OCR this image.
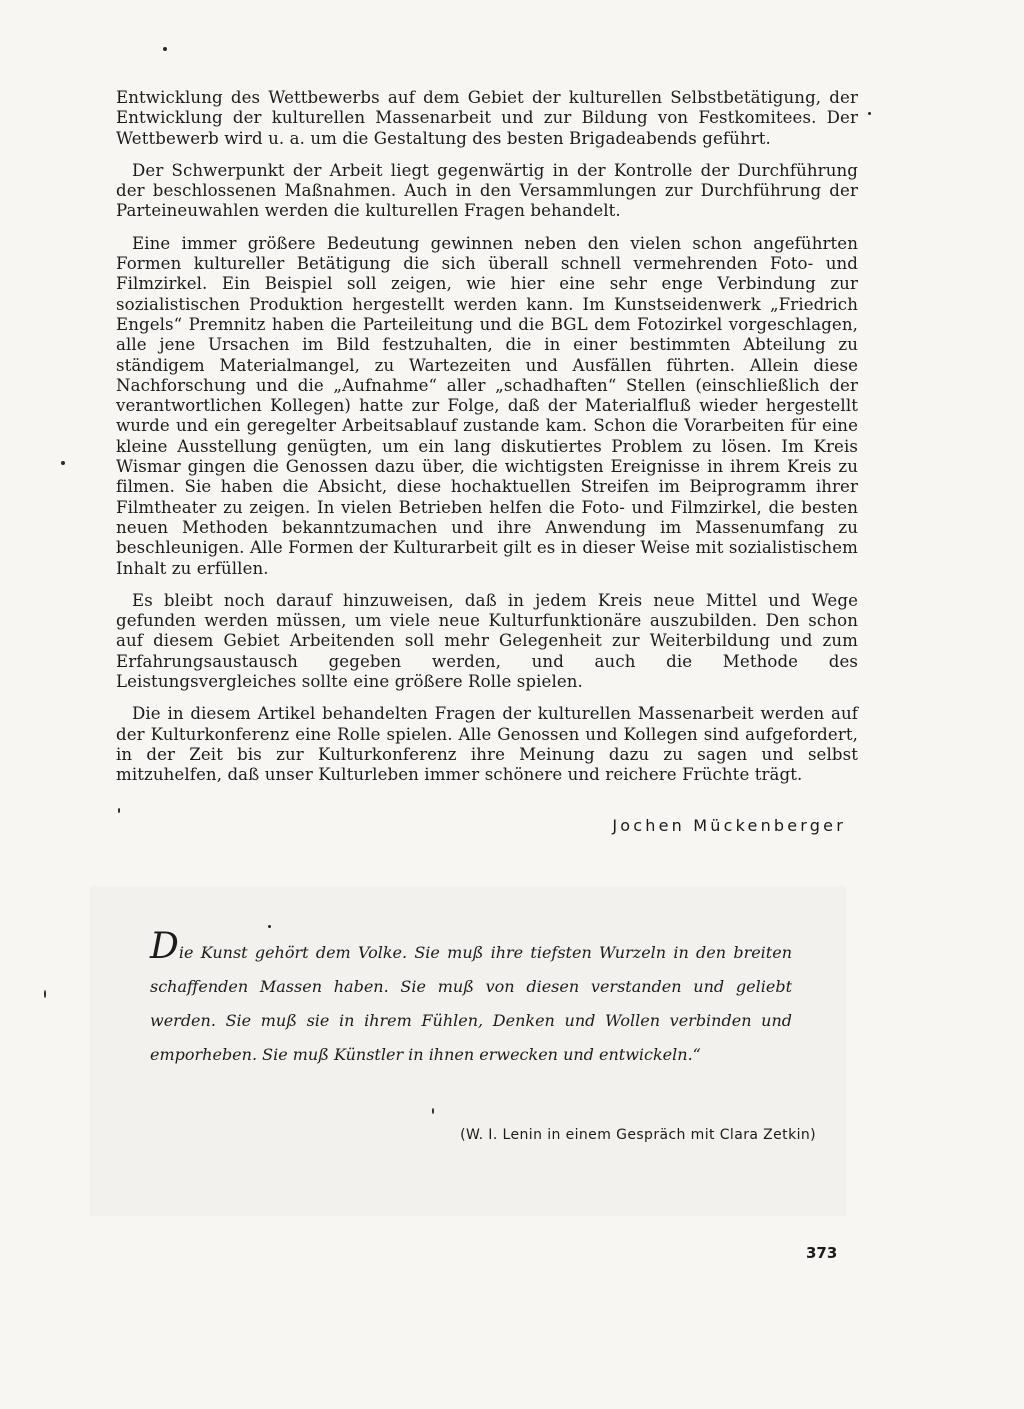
Entwicklung des Wettbewerbs auf dem Gebiet der kulturellen Selbstbetätigung, der Entwicklung der kulturellen Massenarbeit und zur Bildung von Festkomitees. Der Wettbewerb wird u. a. um die Gestaltung des besten Brigadeabends geführt.

Der Schwerpunkt der Arbeit liegt gegenwärtig in der Kontrolle der Durchführung der beschlossenen Maßnahmen. Auch in den Versammlungen zur Durchführung der Parteineuwahlen werden die kulturellen Fragen behandelt.

Eine immer größere Bedeutung gewinnen neben den vielen schon angeführten Formen kultureller Betätigung die sich überall schnell vermehrenden Foto- und Filmzirkel. Ein Beispiel soll zeigen, wie hier eine sehr enge Verbindung zur sozialistischen Produktion hergestellt werden kann. Im Kunstseidenwerk „Friedrich Engels“ Premnitz haben die Parteileitung und die BGL dem Fotozirkel vorgeschlagen, alle jene Ursachen im Bild festzuhalten, die in einer bestimmten Abteilung zu ständigem Materialmangel, zu Wartezeiten und Ausfällen führten. Allein diese Nachforschung und die „Aufnahme“ aller „schadhaften“ Stellen (einschließlich der verantwortlichen Kollegen) hatte zur Folge, daß der Materialfluß wieder hergestellt wurde und ein geregelter Arbeitsablauf zustande kam. Schon die Vorarbeiten für eine kleine Ausstellung genügten, um ein lang diskutiertes Problem zu lösen. Im Kreis Wismar gingen die Genossen dazu über, die wichtigsten Ereignisse in ihrem Kreis zu filmen. Sie haben die Absicht, diese hochaktuellen Streifen im Beiprogramm ihrer Filmtheater zu zeigen. In vielen Betrieben helfen die Foto- und Filmzirkel, die besten neuen Methoden bekanntzumachen und ihre Anwendung im Massenumfang zu beschleunigen. Alle Formen der Kulturarbeit gilt es in dieser Weise mit sozialistischem Inhalt zu erfüllen.

Es bleibt noch darauf hinzuweisen, daß in jedem Kreis neue Mittel und Wege gefunden werden müssen, um viele neue Kulturfunktionäre auszubilden. Den schon auf diesem Gebiet Arbeitenden soll mehr Gelegenheit zur Weiterbildung und zum Erfahrungsaustausch gegeben werden, und auch die Methode des Leistungsvergleiches sollte eine größere Rolle spielen.

Die in diesem Artikel behandelten Fragen der kulturellen Massenarbeit werden auf der Kulturkonferenz eine Rolle spielen. Alle Genossen und Kollegen sind aufgefordert, in der Zeit bis zur Kulturkonferenz ihre Meinung dazu zu sagen und selbst mitzuhelfen, daß unser Kulturleben immer schönere und reichere Früchte trägt.

Jochen Mückenberger

Die Kunst gehört dem Volke. Sie muß ihre tiefsten Wurzeln in den breiten schaffenden Massen haben. Sie muß von diesen verstanden und geliebt werden. Sie muß sie in ihrem Fühlen, Denken und Wollen verbinden und emporheben. Sie muß Künstler in ihnen erwecken und entwickeln.“

(W. I. Lenin in einem Gespräch mit Clara Zetkin)
373
